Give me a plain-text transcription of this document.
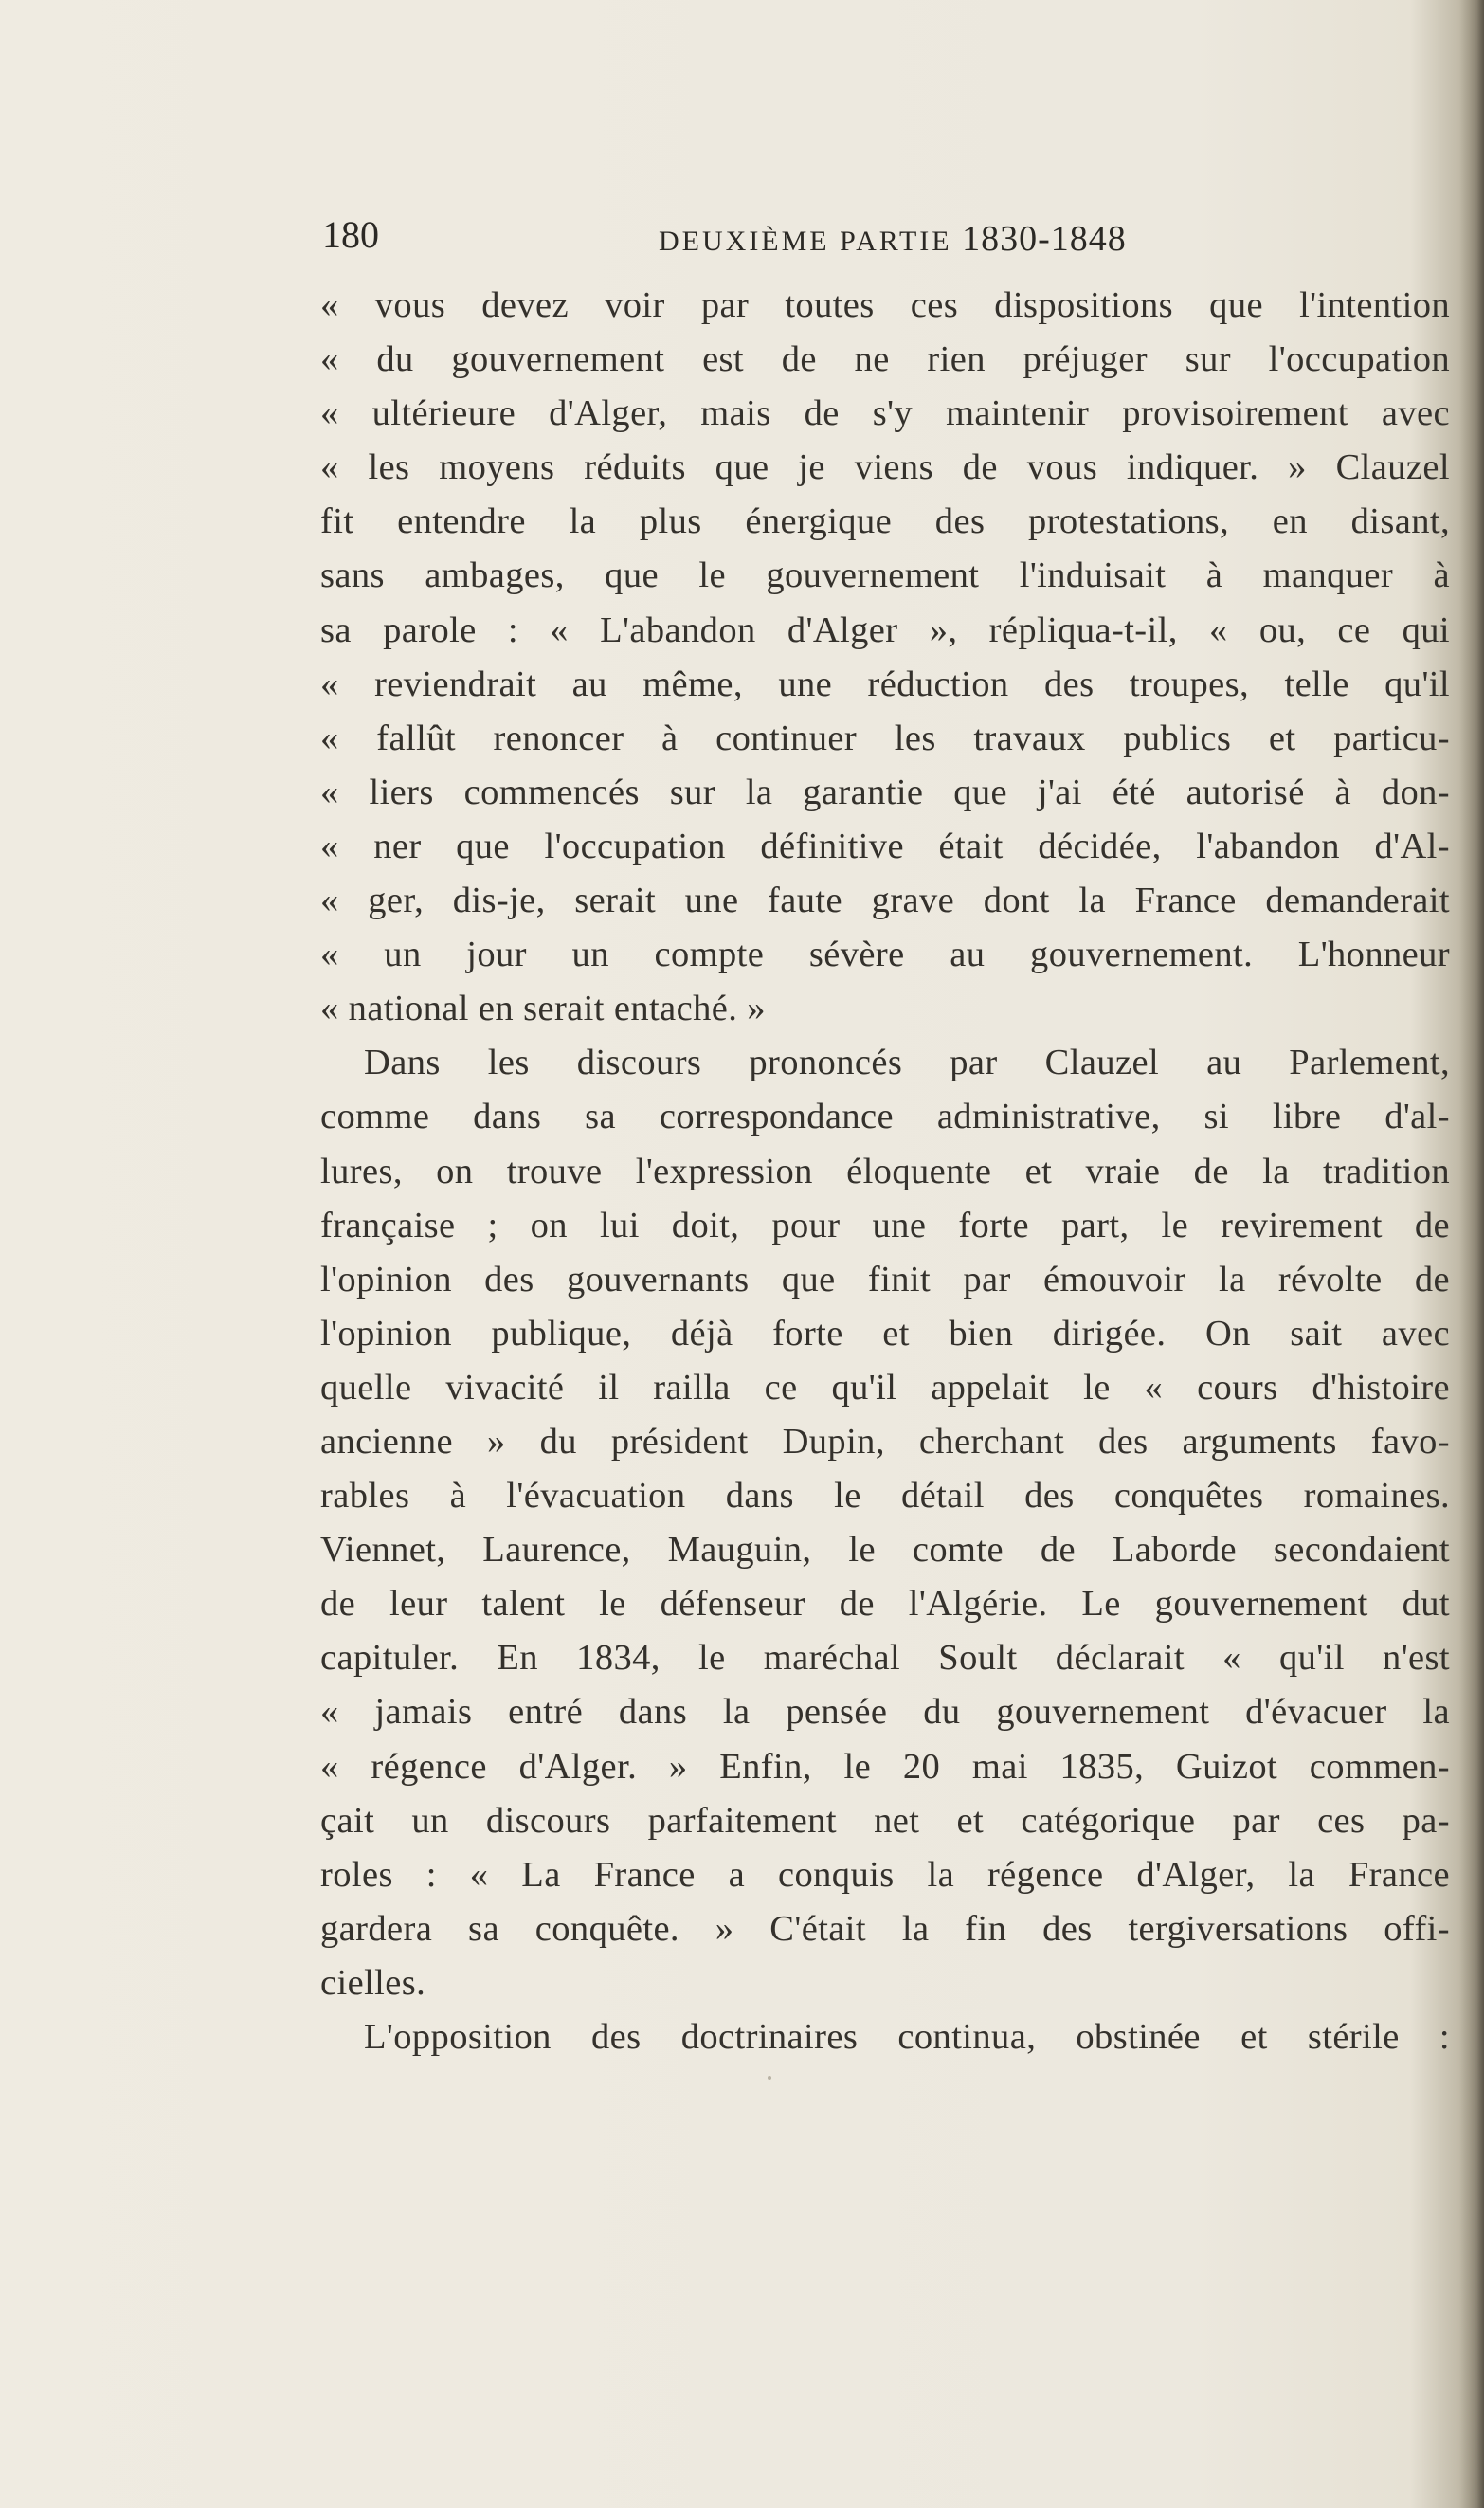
180	DEUXIÈME PARTIE 1830-1848
« vous devez voir par toutes ces dispositions que l'intention
« du gouvernement est de ne rien préjuger sur l'occupation
« ultérieure d'Alger, mais de s'y maintenir provisoirement avec
« les moyens réduits que je viens de vous indiquer. » Clauzel
fit entendre la plus énergique des protestations, en disant,
sans ambages, que le gouvernement l'induisait à manquer à
sa parole : « L'abandon d'Alger », répliqua-t-il, « ou, ce qui
« reviendrait au même, une réduction des troupes, telle qu'il
« fallût renoncer à continuer les travaux publics et particu-
« liers commencés sur la garantie que j'ai été autorisé à don-
« ner que l'occupation définitive était décidée, l'abandon d'Al-
« ger, dis-je, serait une faute grave dont la France demanderait
« un jour un compte sévère au gouvernement. L'honneur
« national en serait entaché. »
Dans les discours prononcés par Clauzel au Parlement,
comme dans sa correspondance administrative, si libre d'al-
lures, on trouve l'expression éloquente et vraie de la tradition
française ; on lui doit, pour une forte part, le revirement de
l'opinion des gouvernants que finit par émouvoir la révolte de
l'opinion publique, déjà forte et bien dirigée. On sait avec
quelle vivacité il railla ce qu'il appelait le « cours d'histoire
ancienne » du président Dupin, cherchant des arguments favo-
rables à l'évacuation dans le détail des conquêtes romaines.
Viennet, Laurence, Mauguin, le comte de Laborde secondaient
de leur talent le défenseur de l'Algérie. Le gouvernement dut
capituler. En 1834, le maréchal Soult déclarait « qu'il n'est
« jamais entré dans la pensée du gouvernement d'évacuer la
« régence d'Alger. » Enfin, le 20 mai 1835, Guizot commen-
çait un discours parfaitement net et catégorique par ces pa-
roles : « La France a conquis la régence d'Alger, la France
gardera sa conquête. » C'était la fin des tergiversations offi-
cielles.
L'opposition des doctrinaires continua, obstinée et stérile :
